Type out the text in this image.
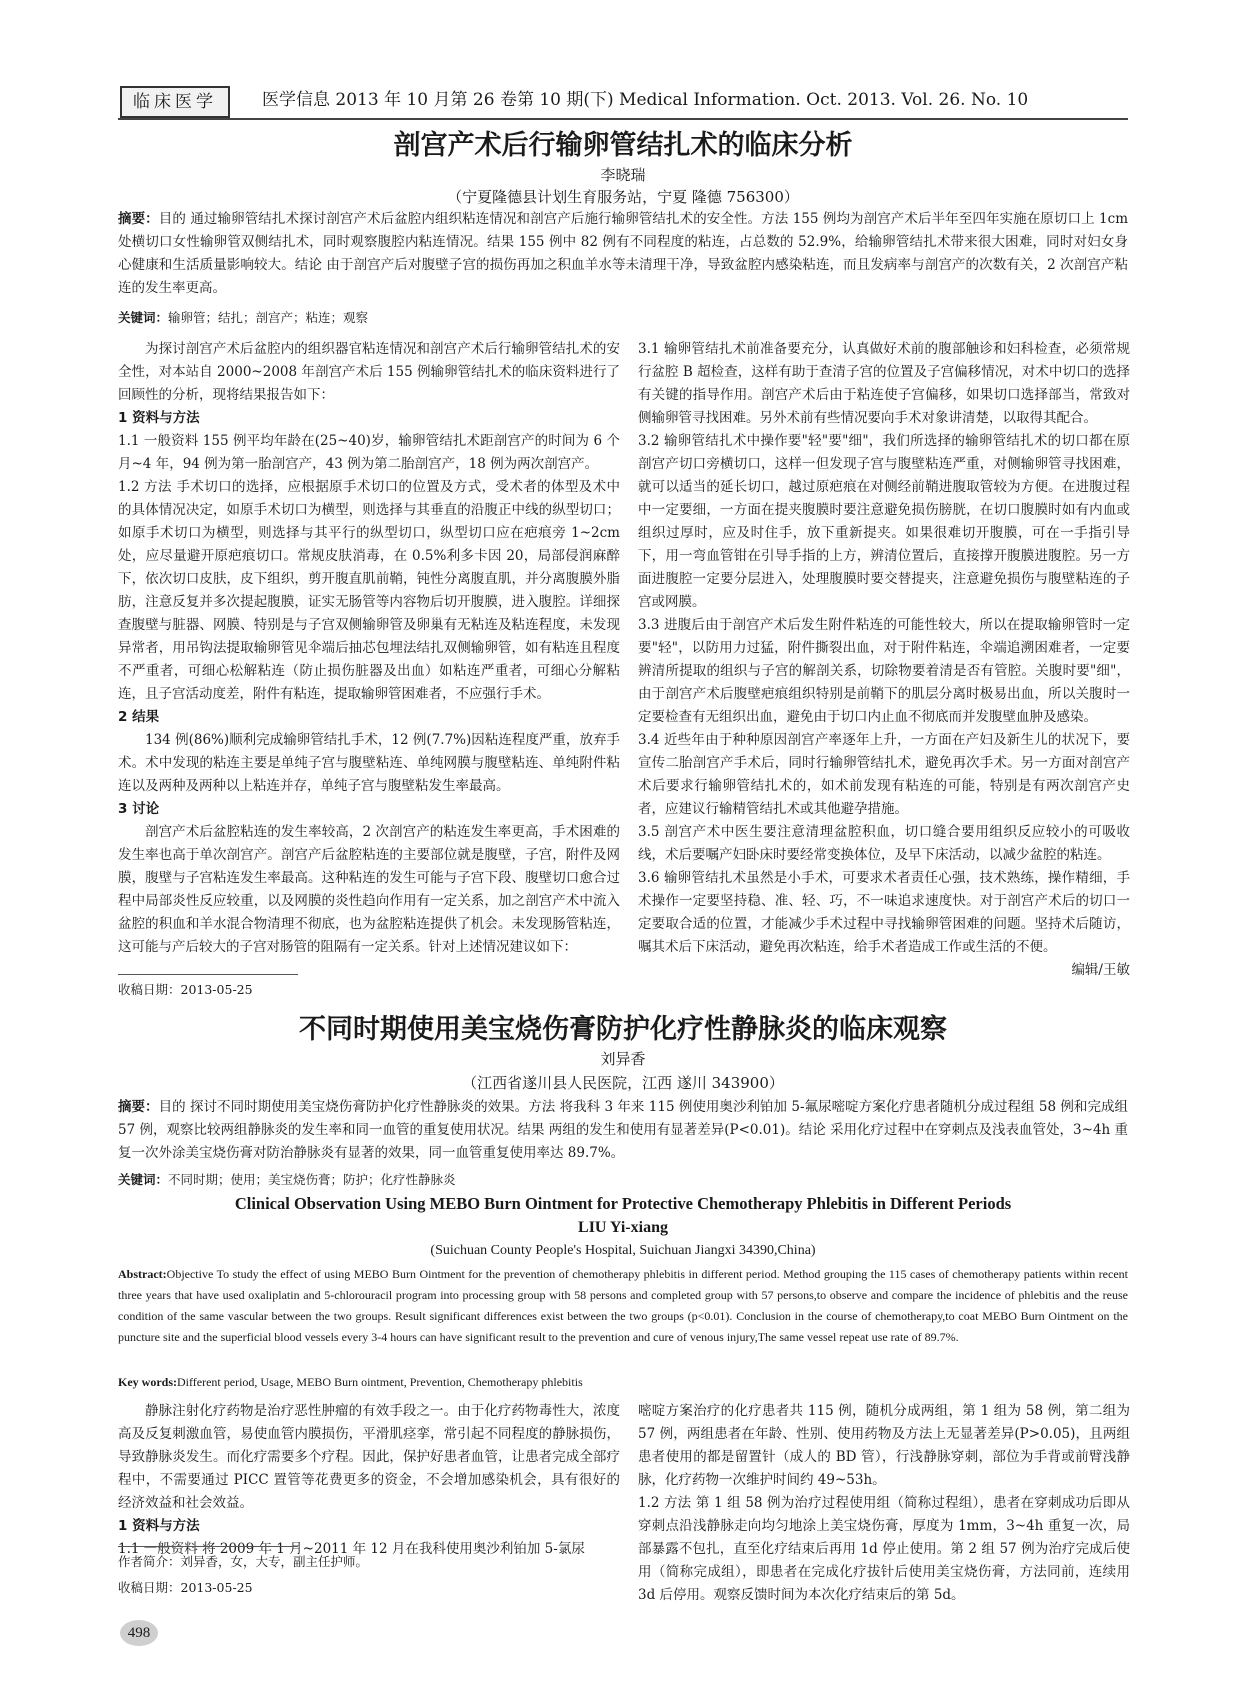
临床医学	医学信息 2013 年 10 月第 26 卷第 10 期(下) Medical Information. Oct. 2013. Vol. 26. No. 10
剖宫产术后行输卵管结扎术的临床分析
李晓瑞
（宁夏隆德县计划生育服务站，宁夏 隆德 756300）
摘要：目的 通过输卵管结扎术探讨剖宫产术后盆腔内组织粘连情况和剖宫产后施行输卵管结扎术的安全性。方法 155 例均为剖宫产术后半年至四年实施在原切口上 1cm处横切口女性输卵管双侧结扎术，同时观察腹腔内粘连情况。结果 155 例中 82 例有不同程度的粘连，占总数的 52.9%，给输卵管结扎术带来很大困难，同时对妇女身心健康和生活质量影响较大。结论 由于剖宫产后对腹壁子宫的损伤再加之积血羊水等未清理干净，导致盆腔内感染粘连，而且发病率与剖宫产的次数有关，2 次剖宫产粘连的发生率更高。
关键词：输卵管；结扎；剖宫产；粘连；观察

为探讨剖宫产术后盆腔内的组织器官粘连情况和剖宫产术后行输卵管结扎术的安全性，对本站自 2000~2008 年剖宫产术后 155 例输卵管结扎术的临床资料进行了回顾性的分析，现将结果报告如下：

1 资料与方法

1.1 一般资料 155 例平均年龄在(25~40)岁，输卵管结扎术距剖宫产的时间为 6 个月~4 年，94 例为第一胎剖宫产，43 例为第二胎剖宫产，18 例为两次剖宫产。

1.2 方法 手术切口的选择，应根据原手术切口的位置及方式，受术者的体型及术中的具体情况决定，如原手术切口为横型，则选择与其垂直的沿腹正中线的纵型切口；如原手术切口为横型，则选择与其平行的纵型切口，纵型切口应在疤痕旁 1~2cm处，应尽量避开原疤痕切口。常规皮肤消毒，在 0.5%利多卡因 20，局部侵润麻醉下，依次切口皮肤，皮下组织，剪开腹直肌前鞘，钝性分离腹直肌，并分离腹膜外脂肪，注意反复并多次提起腹膜，证实无肠管等内容物后切开腹膜，进入腹腔。详细探查腹壁与脏器、网膜、特别是与子宫双侧输卵管及卵巢有无粘连及粘连程度，未发现异常者，用吊钩法提取输卵管见伞端后抽芯包埋法结扎双侧输卵管，如有粘连且程度不严重者，可细心松解粘连（防止损伤脏器及出血）如粘连严重者，可细心分解粘连，且子宫活动度差，附件有粘连，提取输卵管困难者，不应强行手术。

2 结果

134 例(86%)顺利完成输卵管结扎手术，12 例(7.7%)因粘连程度严重，放弃手术。术中发现的粘连主要是单纯子宫与腹壁粘连、单纯网膜与腹壁粘连、单纯附件粘连以及两种及两种以上粘连并存，单纯子宫与腹壁粘发生率最高。

3 讨论

剖宫产术后盆腔粘连的发生率较高，2 次剖宫产的粘连发生率更高，手术困难的发生率也高于单次剖宫产。剖宫产后盆腔粘连的主要部位就是腹壁，子宫，附件及网膜，腹壁与子宫粘连发生率最高。这种粘连的发生可能与子宫下段、腹壁切口愈合过程中局部炎性反应较重，以及网膜的炎性趋向作用有一定关系，加之剖宫产术中流入盆腔的积血和羊水混合物清理不彻底，也为盆腔粘连提供了机会。未发现肠管粘连，这可能与产后较大的子宫对肠管的阻隔有一定关系。针对上述情况建议如下：

收稿日期：2013-05-25

3.1 输卵管结扎术前准备要充分，认真做好术前的腹部触诊和妇科检查，必须常规行盆腔 B 超检查，这样有助于查清子宫的位置及子宫偏移情况，对术中切口的选择有关键的指导作用。剖宫产术后由于粘连使子宫偏移，如果切口选择部当，常致对侧输卵管寻找困难。另外术前有些情况要向手术对象讲清楚，以取得其配合。

3.2 输卵管结扎术中操作要"轻"要"细"，我们所选择的输卵管结扎术的切口都在原剖宫产切口旁横切口，这样一但发现子宫与腹壁粘连严重，对侧输卵管寻找困难，就可以适当的延长切口，越过原疤痕在对侧经前鞘进腹取管较为方便。在进腹过程中一定要细，一方面在提夹腹膜时要注意避免损伤膀胱，在切口腹膜时如有内血或组织过厚时，应及时住手，放下重新提夹。如果很难切开腹膜，可在一手指引导下，用一弯血管钳在引导手指的上方，辨清位置后，直接撑开腹膜进腹腔。另一方面进腹腔一定要分层进入，处理腹膜时要交替提夹，注意避免损伤与腹壁粘连的子宫或网膜。

3.3 进腹后由于剖宫产术后发生附件粘连的可能性较大，所以在提取输卵管时一定要"轻"，以防用力过猛，附件撕裂出血，对于附件粘连，伞端追溯困难者，一定要辨清所提取的组织与子宫的解剖关系，切除物要着清是否有管腔。关腹时要"细"，由于剖宫产术后腹壁疤痕组织特别是前鞘下的肌层分离时极易出血，所以关腹时一定要检查有无组织出血，避免由于切口内止血不彻底而并发腹壁血肿及感染。

3.4 近些年由于种种原因剖宫产率逐年上升，一方面在产妇及新生儿的状况下，要宣传二胎剖宫产手术后，同时行输卵管结扎术，避免再次手术。另一方面对剖宫产术后要求行输卵管结扎术的，如术前发现有粘连的可能，特别是有两次剖宫产史者，应建议行输精管结扎术或其他避孕措施。

3.5 剖宫产术中医生要注意清理盆腔积血，切口缝合要用组织反应较小的可吸收线，术后要嘱产妇卧床时要经常变换体位，及早下床活动，以减少盆腔的粘连。

3.6 输卵管结扎术虽然是小手术，可要求术者责任心强，技术熟练，操作精细，手术操作一定要坚持稳、准、轻、巧，不一味追求速度快。对于剖宫产术后的切口一定要取合适的位置，才能减少手术过程中寻找输卵管困难的问题。坚持术后随访，嘱其术后下床活动，避免再次粘连，给手术者造成工作或生活的不便。

编辑/王敏

不同时期使用美宝烧伤膏防护化疗性静脉炎的临床观察
刘异香
（江西省遂川县人民医院，江西 遂川 343900）
摘要：目的 探讨不同时期使用美宝烧伤膏防护化疗性静脉炎的效果。方法 将我科 3 年来 115 例使用奥沙利铂加 5-氟尿嘧啶方案化疗患者随机分成过程组 58 例和完成组 57 例，观察比较两组静脉炎的发生率和同一血管的重复使用状况。结果 两组的发生和使用有显著差异(P<0.01)。结论 采用化疗过程中在穿刺点及浅表血管处，3~4h 重复一次外涂美宝烧伤膏对防治静脉炎有显著的效果，同一血管重复使用率达 89.7%。
关键词：不同时期；使用；美宝烧伤膏；防护；化疗性静脉炎
Clinical Observation Using MEBO Burn Ointment for Protective Chemotherapy Phlebitis in Different Periods
LIU Yi-xiang
(Suichuan County People's Hospital, Suichuan Jiangxi 34390,China)
Abstract:Objective To study the effect of using MEBO Burn Ointment for the prevention of chemotherapy phlebitis in different period. Method grouping the 115 cases of chemotherapy patients within recent three years that have used oxaliplatin and 5-chlorouracil program into processing group with 58 persons and completed group with 57 persons,to observe and compare the incidence of phlebitis and the reuse condition of the same vascular between the two groups. Result significant differences exist between the two groups (p<0.01). Conclusion in the course of chemotherapy,to coat MEBO Burn Ointment on the puncture site and the superficial blood vessels every 3-4 hours can have significant result to the prevention and cure of venous injury,The same vessel repeat use rate of 89.7%.
Key words:Different period, Usage, MEBO Burn ointment, Prevention, Chemotherapy phlebitis

静脉注射化疗药物是治疗恶性肿瘤的有效手段之一。由于化疗药物毒性大，浓度高及反复刺激血管，易使血管内膜损伤，平滑肌痉挛，常引起不同程度的静脉损伤，导致静脉炎发生。而化疗需要多个疗程。因此，保护好患者血管，让患者完成全部疗程中，不需要通过 PICC 置管等花费更多的资金，不会增加感染机会，具有很好的经济效益和社会效益。

1 资料与方法

1.1 一般资料 将 2009 年 1 月~2011 年 12 月在我科使用奥沙利铂加 5-氯尿

作者简介：刘异香，女，大专，副主任护师。
收稿日期：2013-05-25

嘧啶方案治疗的化疗患者共 115 例，随机分成两组，第 1 组为 58 例，第二组为 57 例，两组患者在年龄、性别、使用药物及方法上无显著差异(P>0.05)，且两组患者使用的都是留置针（成人的 BD 管），行浅静脉穿刺，部位为手背或前臂浅静脉，化疗药物一次维护时间约 49~53h。

1.2 方法 第 1 组 58 例为治疗过程使用组（简称过程组），患者在穿刺成功后即从穿刺点沿浅静脉走向均匀地涂上美宝烧伤膏，厚度为 1mm，3~4h 重复一次，局部暴露不包扎，直至化疗结束后再用 1d 停止使用。第 2 组 57 例为治疗完成后使用（简称完成组），即患者在完成化疗拔针后使用美宝烧伤膏，方法同前，连续用 3d 后停用。观察反馈时间为本次化疗结束后的第 5d。

498
